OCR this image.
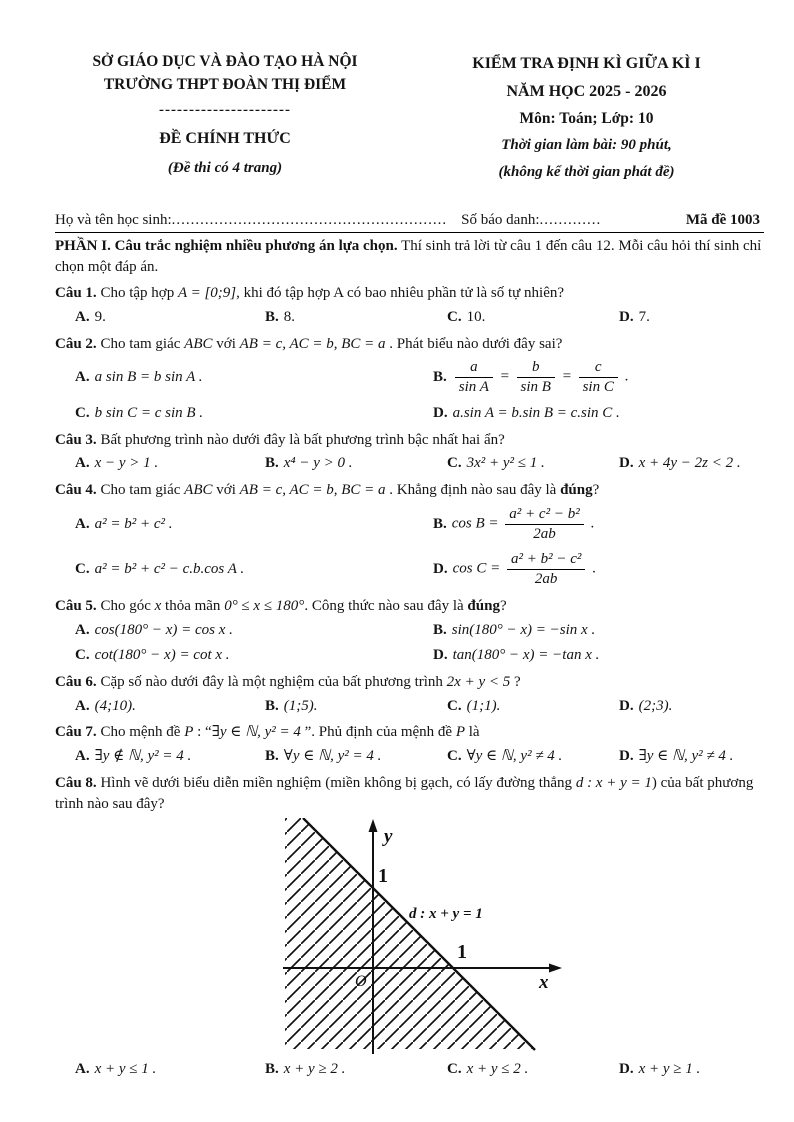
SỞ GIÁO DỤC VÀ ĐÀO TẠO HÀ NỘI
TRƯỜNG THPT ĐOÀN THỊ ĐIỂM
----------------------
ĐỀ CHÍNH THỨC
(Đề thi có 4 trang)
KIỂM TRA ĐỊNH KÌ GIỮA KÌ I
NĂM HỌC 2025 - 2026
Môn: Toán; Lớp: 10
Thời gian làm bài: 90 phút,
(không kể thời gian phát đề)
Họ và tên học sinh: .......................................................... Số báo danh: .............	Mã đề 1003
PHẦN I. Câu trắc nghiệm nhiều phương án lựa chọn. Thí sinh trả lời từ câu 1 đến câu 12. Mỗi câu hỏi thí sinh chỉ chọn một đáp án.
Câu 1. Cho tập hợp A = [0;9], khi đó tập hợp A có bao nhiêu phần tử là số tự nhiên?
A. 9.	B. 8.	C. 10.	D. 7.
Câu 2. Cho tam giác ABC với AB = c, AC = b, BC = a . Phát biểu nào dưới đây sai?
A. a sin B = b sin A .	B. $\frac{a}{\text{sin A}} = \frac{b}{\text{sin B}} = \frac{c}{\text{sin C}}$ .
C. b sin C = c sin B .	D. a.sin A = b.sin B = c.sin C .
Câu 3. Bất phương trình nào dưới đây là bất phương trình bậc nhất hai ẩn?
A. x − y > 1 .	B. x⁴ − y > 0 .	C. 3x² + y² ≤ 1 .	D. x + 4y − 2z < 2 .
Câu 4. Cho tam giác ABC với AB = c, AC = b, BC = a . Khẳng định nào sau đây là đúng?
A. a² = b² + c² .	B. $\cos B = \frac{\text{a² + c² − b²}}{2ab}$ .
C. a² = b² + c² − c.b.cos A .	D. $\cos C = \frac{\text{a² + b² − c²}}{2ab}$ .
Câu 5. Cho góc x thỏa mãn 0° ≤ x ≤ 180°. Công thức nào sau đây là đúng?
A. cos(180° − x) = cos x .	B. sin(180° − x) = −sin x .
C. cot(180° − x) = cot x .	D. tan(180° − x) = −tan x .
Câu 6. Cặp số nào dưới đây là một nghiệm của bất phương trình 2x + y < 5 ?
A. (4;10).	B. (1;5).	C. (1;1).	D. (2;3).
Câu 7. Cho mệnh đề P : “∃y ∈ ℕ, y² = 4 ”. Phủ định của mệnh đề P là
A. ∃y ∉ ℕ, y² = 4 .	B. ∀y ∈ ℕ, y² = 4 .	C. ∀y ∈ ℕ, y² ≠ 4 .	D. ∃y ∈ ℕ, y² ≠ 4 .
Câu 8. Hình vẽ dưới biểu diễn miền nghiệm (miền không bị gạch, có lấy đường thẳng d : x + y = 1) của bất phương trình nào sau đây?
y
x
O
1
1
d : x + y = 1
A. x + y ≤ 1 .	B. x + y ≥ 2 .	C. x + y ≤ 2 .	D. x + y ≥ 1 .
